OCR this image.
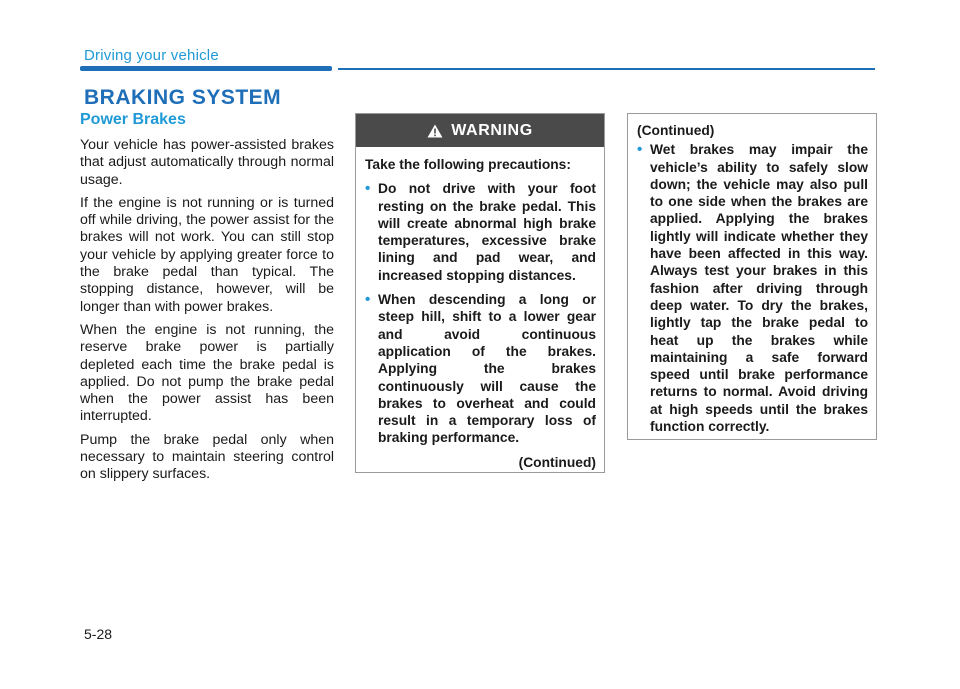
Driving your vehicle
BRAKING SYSTEM
Power Brakes

Your vehicle has power-assisted brakes that adjust automatically through normal usage.

If the engine is not running or is turned off while driving, the power assist for the brakes will not work. You can still stop your vehicle by applying greater force to the brake pedal than typical. The stopping distance, however, will be longer than with power brakes.

When the engine is not running, the reserve brake power is partially depleted each time the brake pedal is applied. Do not pump the brake pedal when the power assist has been interrupted.

Pump the brake pedal only when necessary to maintain steering control on slippery surfaces.

WARNING
Take the following precautions:
• Do not drive with your foot resting on the brake pedal. This will create abnormal high brake temperatures, excessive brake lining and pad wear, and increased stopping distances.
• When descending a long or steep hill, shift to a lower gear and avoid continuous application of the brakes. Applying the brakes continuously will cause the brakes to overheat and could result in a temporary loss of braking performance.
(Continued)
(Continued)
• Wet brakes may impair the vehicle’s ability to safely slow down; the vehicle may also pull to one side when the brakes are applied. Applying the brakes lightly will indicate whether they have been affected in this way. Always test your brakes in this fashion after driving through deep water. To dry the brakes, lightly tap the brake pedal to heat up the brakes while maintaining a safe forward speed until brake performance returns to normal. Avoid driving at high speeds until the brakes function correctly.
5-28
